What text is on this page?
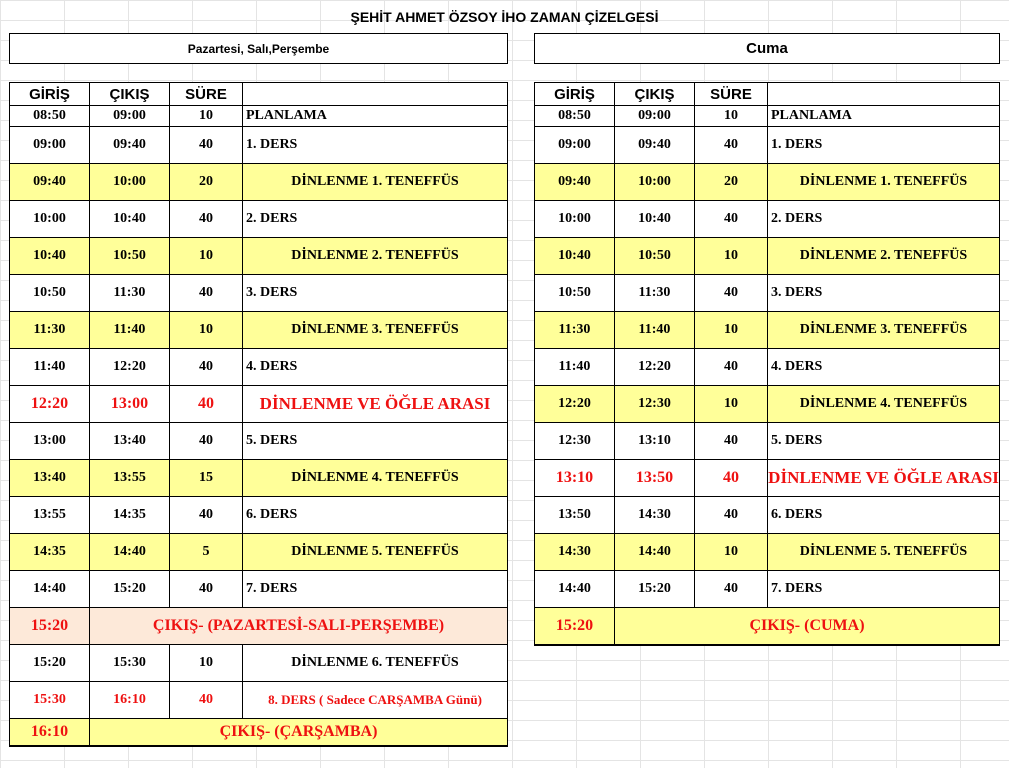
ŞEHİT AHMET ÖZSOY İHO ZAMAN ÇİZELGESİ
Pazartesi, Salı,Perşembe	Cuma
GİRİŞ	ÇIKIŞ	SÜRE
08:50	09:00	10	PLANLAMA
09:00	09:40	40	1. DERS
09:40	10:00	20	DİNLENME 1. TENEFFÜS
10:00	10:40	40	2. DERS
10:40	10:50	10	DİNLENME 2. TENEFFÜS
10:50	11:30	40	3. DERS
11:30	11:40	10	DİNLENME 3. TENEFFÜS
11:40	12:20	40	4. DERS
12:20	13:00	40	DİNLENME VE ÖĞLE ARASI
13:00	13:40	40	5. DERS
13:40	13:55	15	DİNLENME 4. TENEFFÜS
13:55	14:35	40	6. DERS
14:35	14:40	5	DİNLENME 5. TENEFFÜS
14:40	15:20	40	7. DERS
15:20	ÇIKIŞ- (PAZARTESİ-SALI-PERŞEMBE)
15:20	15:30	10	DİNLENME 6. TENEFFÜS
15:30	16:10	40	8. DERS ( Sadece CARŞAMBA Günü)
16:10	ÇIKIŞ- (ÇARŞAMBA)
GİRİŞ	ÇIKIŞ	SÜRE
08:50	09:00	10	PLANLAMA
09:00	09:40	40	1. DERS
09:40	10:00	20	DİNLENME 1. TENEFFÜS
10:00	10:40	40	2. DERS
10:40	10:50	10	DİNLENME 2. TENEFFÜS
10:50	11:30	40	3. DERS
11:30	11:40	10	DİNLENME 3. TENEFFÜS
11:40	12:20	40	4. DERS
12:20	12:30	10	DİNLENME 4. TENEFFÜS
12:30	13:10	40	5. DERS
13:10	13:50	40	DİNLENME VE ÖĞLE ARASI
13:50	14:30	40	6. DERS
14:30	14:40	10	DİNLENME 5. TENEFFÜS
14:40	15:20	40	7. DERS
15:20	ÇIKIŞ- (CUMA)
